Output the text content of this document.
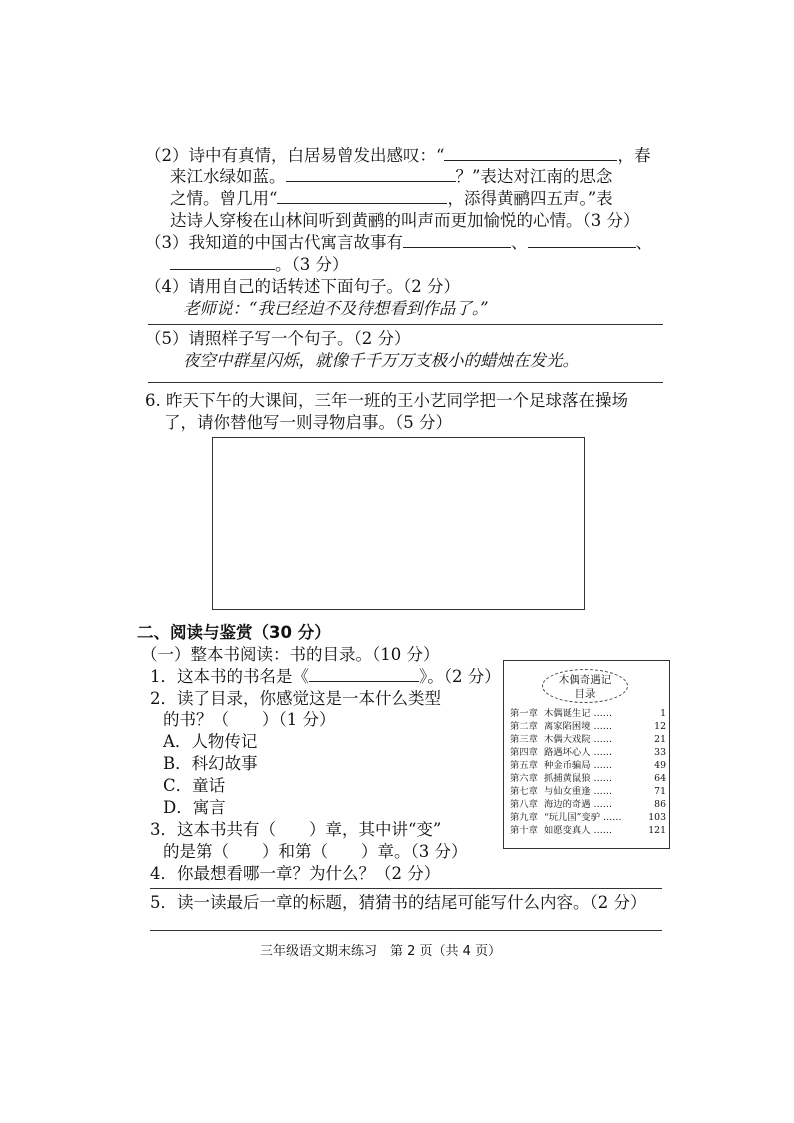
（2）诗中有真情，白居易曾发出感叹：“	，春
来江水绿如蓝。	？”表达对江南的思念
之情。曾几用“	，添得黄鹂四五声。”表
达诗人穿梭在山林间听到黄鹂的叫声而更加愉悦的心情。（3 分）
（3）我知道的中国古代寓言故事有	、	、
。（3 分）
（4）请用自己的话转述下面句子。（2 分）
老师说：“我已经迫不及待想看到作品了。”
（5）请照样子写一个句子。（2 分）
夜空中群星闪烁，就像千千万万支极小的蜡烛在发光。
6. 昨天下午的大课间，三年一班的王小艺同学把一个足球落在操场
了，请你替他写一则寻物启事。（5 分）
二、阅读与鉴赏（30 分）
（一）整本书阅读：书的目录。（10 分）
1．这本书的书名是《	》。（2 分）
2．读了目录，你感觉这是一本什么类型
的书？（　　）（1 分）
A．人物传记
B．科幻故事
C．童话
D．寓言
3．这本书共有（　　）章，其中讲“变”
的是第（　　）和第（　　）章。（3 分）
4．你最想看哪一章？为什么？（2 分）
5．读一读最后一章的标题，猜猜书的结尾可能写什么内容。（2 分）
木偶奇遇记
目录
第一章 木偶诞生记 ……	1
第二章 离家陷困境 ……	12
第三章 木偶大戏院 ……	21
第四章 路遇坏心人 ……	33
第五章 种金币骗局 ……	49
第六章 抓捕黄鼠狼 ……	64
第七章 与仙女重逢 ……	71
第八章 海边的奇遇 ……	86
第九章 “玩儿国”变驴 ……	103
第十章 如愿变真人 ……	121
三年级语文期末练习　第 2 页（共 4 页）
